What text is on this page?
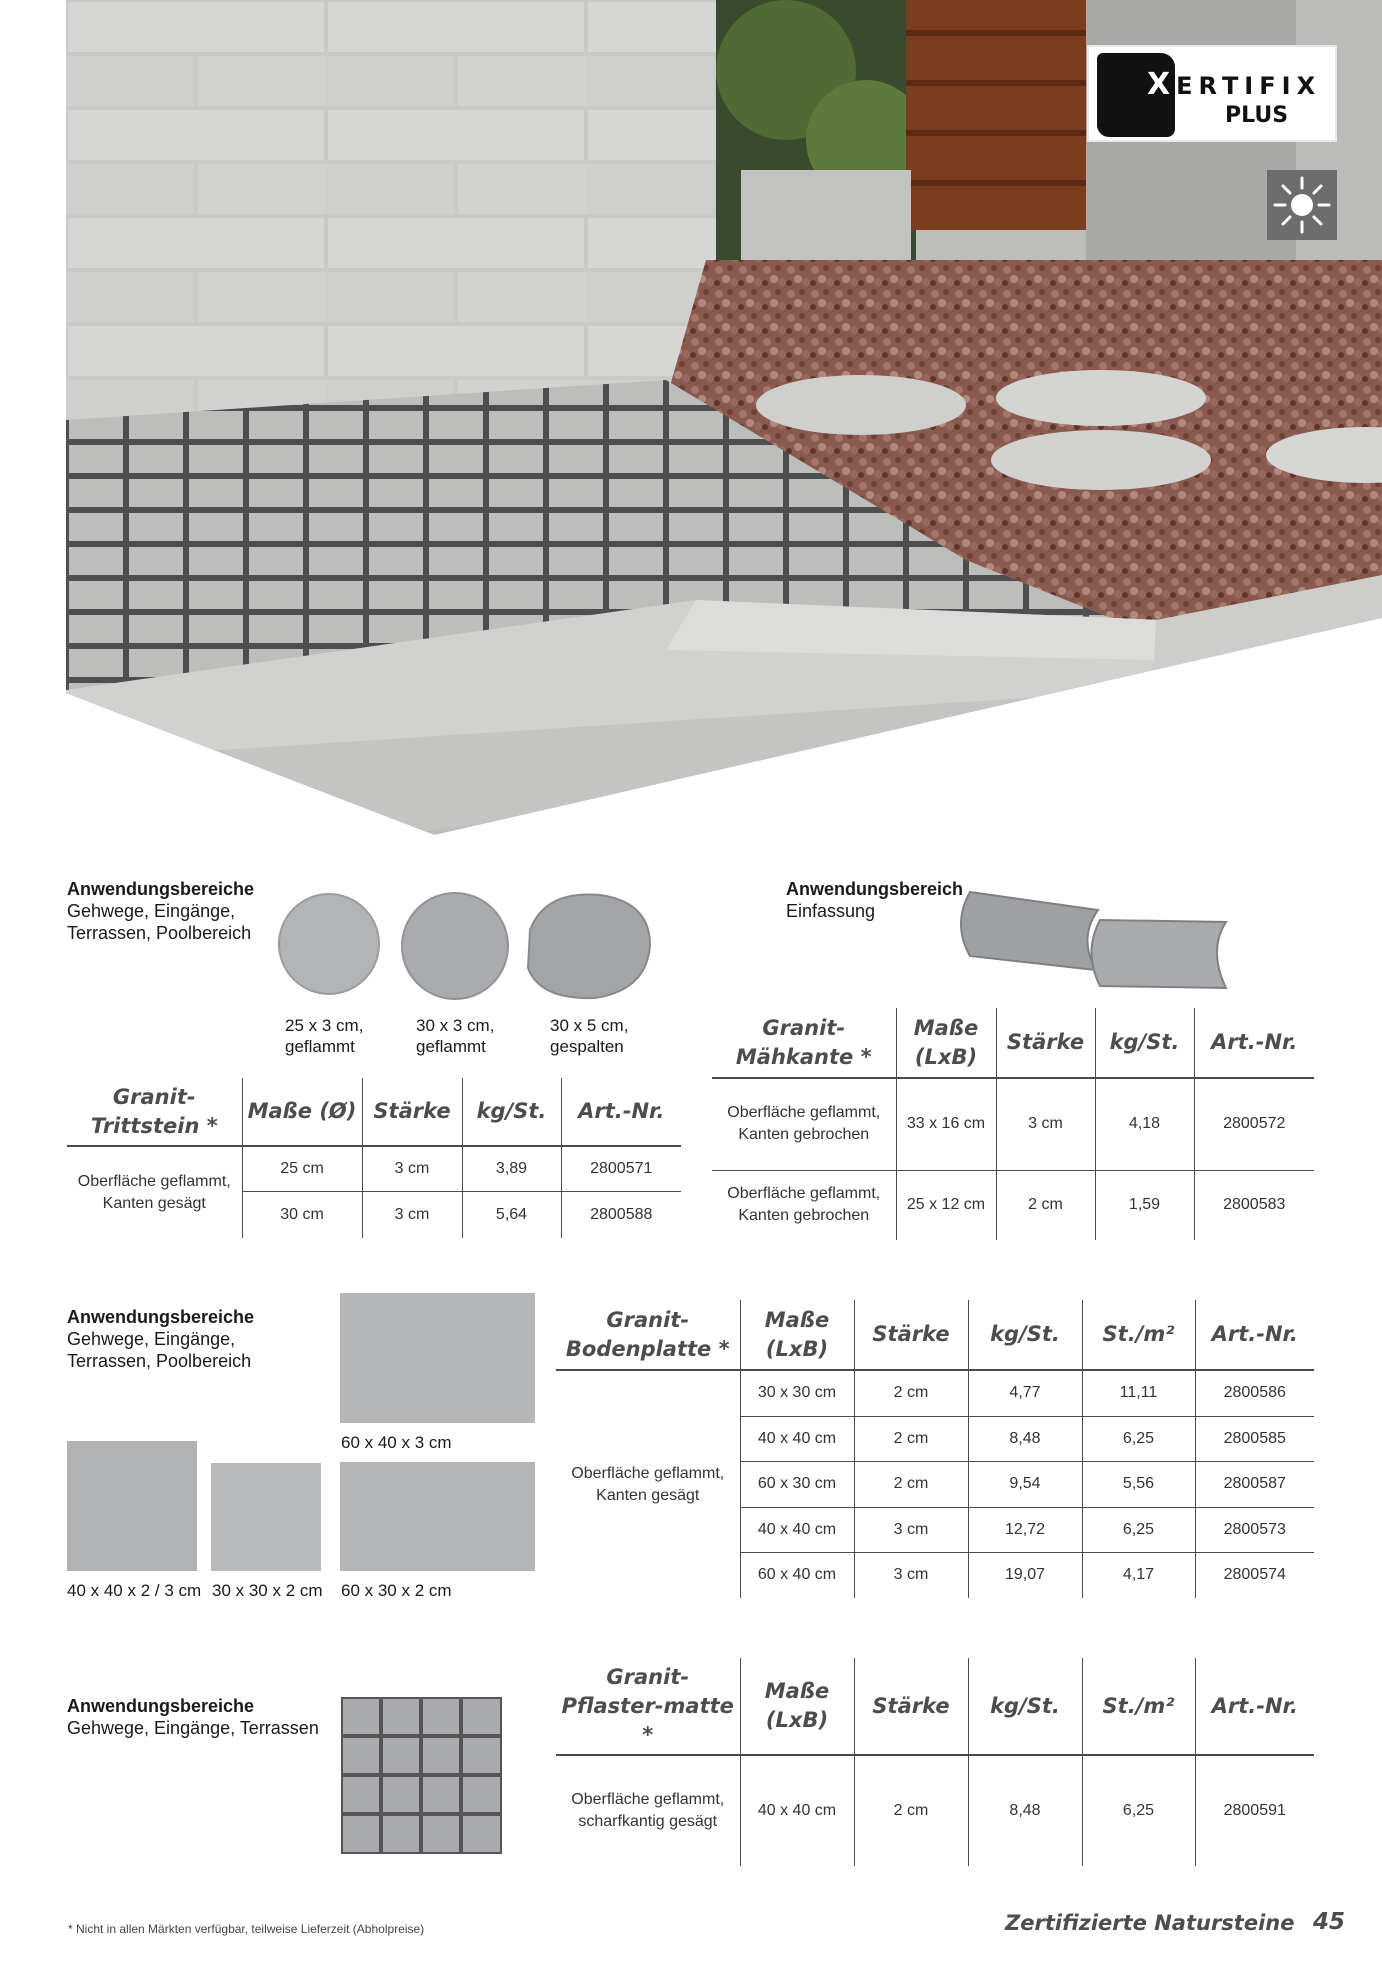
XERTIFIX
PLUS
Anwendungsbereiche
Gehwege, Eingänge,
Terrassen, Poolbereich
25 x 3 cm,
geflammt
30 x 3 cm,
geflammt
30 x 5 cm,
gespalten
Granit-Trittstein *	Maße (Ø)	Stärke	kg/St.	Art.-Nr.
Oberfläche geflammt, Kanten gesägt	25 cm	3 cm	3,89	2800571
	30 cm	3 cm	5,64	2800588
Anwendungsbereich
Einfassung
Granit-Mähkante *	Maße (LxB)	Stärke	kg/St.	Art.-Nr.
Oberfläche geflammt, Kanten gebrochen	33 x 16 cm	3 cm	4,18	2800572
Oberfläche geflammt, Kanten gebrochen	25 x 12 cm	2 cm	1,59	2800583
Anwendungsbereiche
Gehwege, Eingänge,
Terrassen, Poolbereich
60 x 40 x 3 cm
40 x 40 x 2 / 3 cm 30 x 30 x 2 cm 60 x 30 x 2 cm
Granit-Bodenplatte *	Maße (LxB)	Stärke	kg/St.	St./m²	Art.-Nr.
Oberfläche geflammt, Kanten gesägt	30 x 30 cm	2 cm	4,77	11,11	2800586
	40 x 40 cm	2 cm	8,48	6,25	2800585
	60 x 30 cm	2 cm	9,54	5,56	2800587
	40 x 40 cm	3 cm	12,72	6,25	2800573
	60 x 40 cm	3 cm	19,07	4,17	2800574
Anwendungsbereiche
Gehwege, Eingänge, Terrassen
Granit-Pflaster-matte *	Maße (LxB)	Stärke	kg/St.	St./m²	Art.-Nr.
Oberfläche geflammt, scharfkantig gesägt	40 x 40 cm	2 cm	8,48	6,25	2800591
* Nicht in allen Märkten verfügbar, teilweise Lieferzeit (Abholpreise)	Zertifizierte Natursteine 45
